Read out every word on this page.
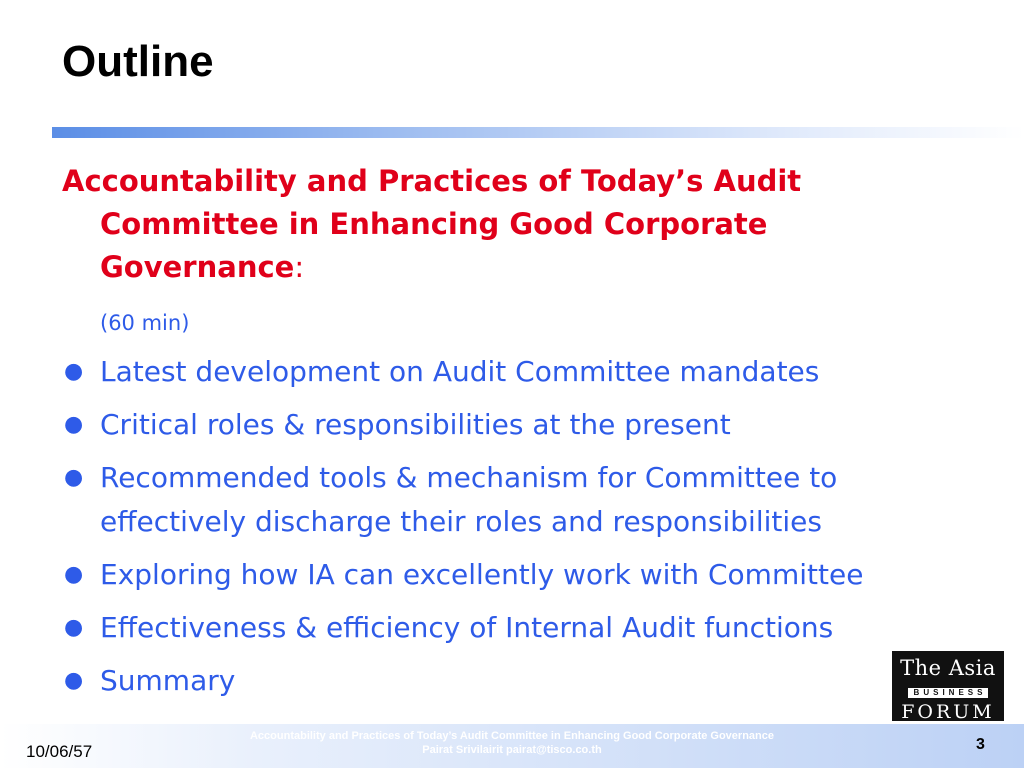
Outline
Accountability and Practices of Today’s Audit
Committee in Enhancing Good Corporate
Governance:
(60 min)
● Latest development on Audit Committee mandates
● Critical roles & responsibilities at the present
● Recommended tools & mechanism for Committee to effectively discharge their roles and responsibilities
● Exploring how IA can excellently work with Committee
● Effectiveness & efficiency of Internal Audit functions
● Summary	The Asia
BUSINESS
FORUM
10/06/57
Accountability and Practices of Today’s Audit Committee in Enhancing Good Corporate Governance
Pairat Srivilairit pairat@tisco.co.th	3
